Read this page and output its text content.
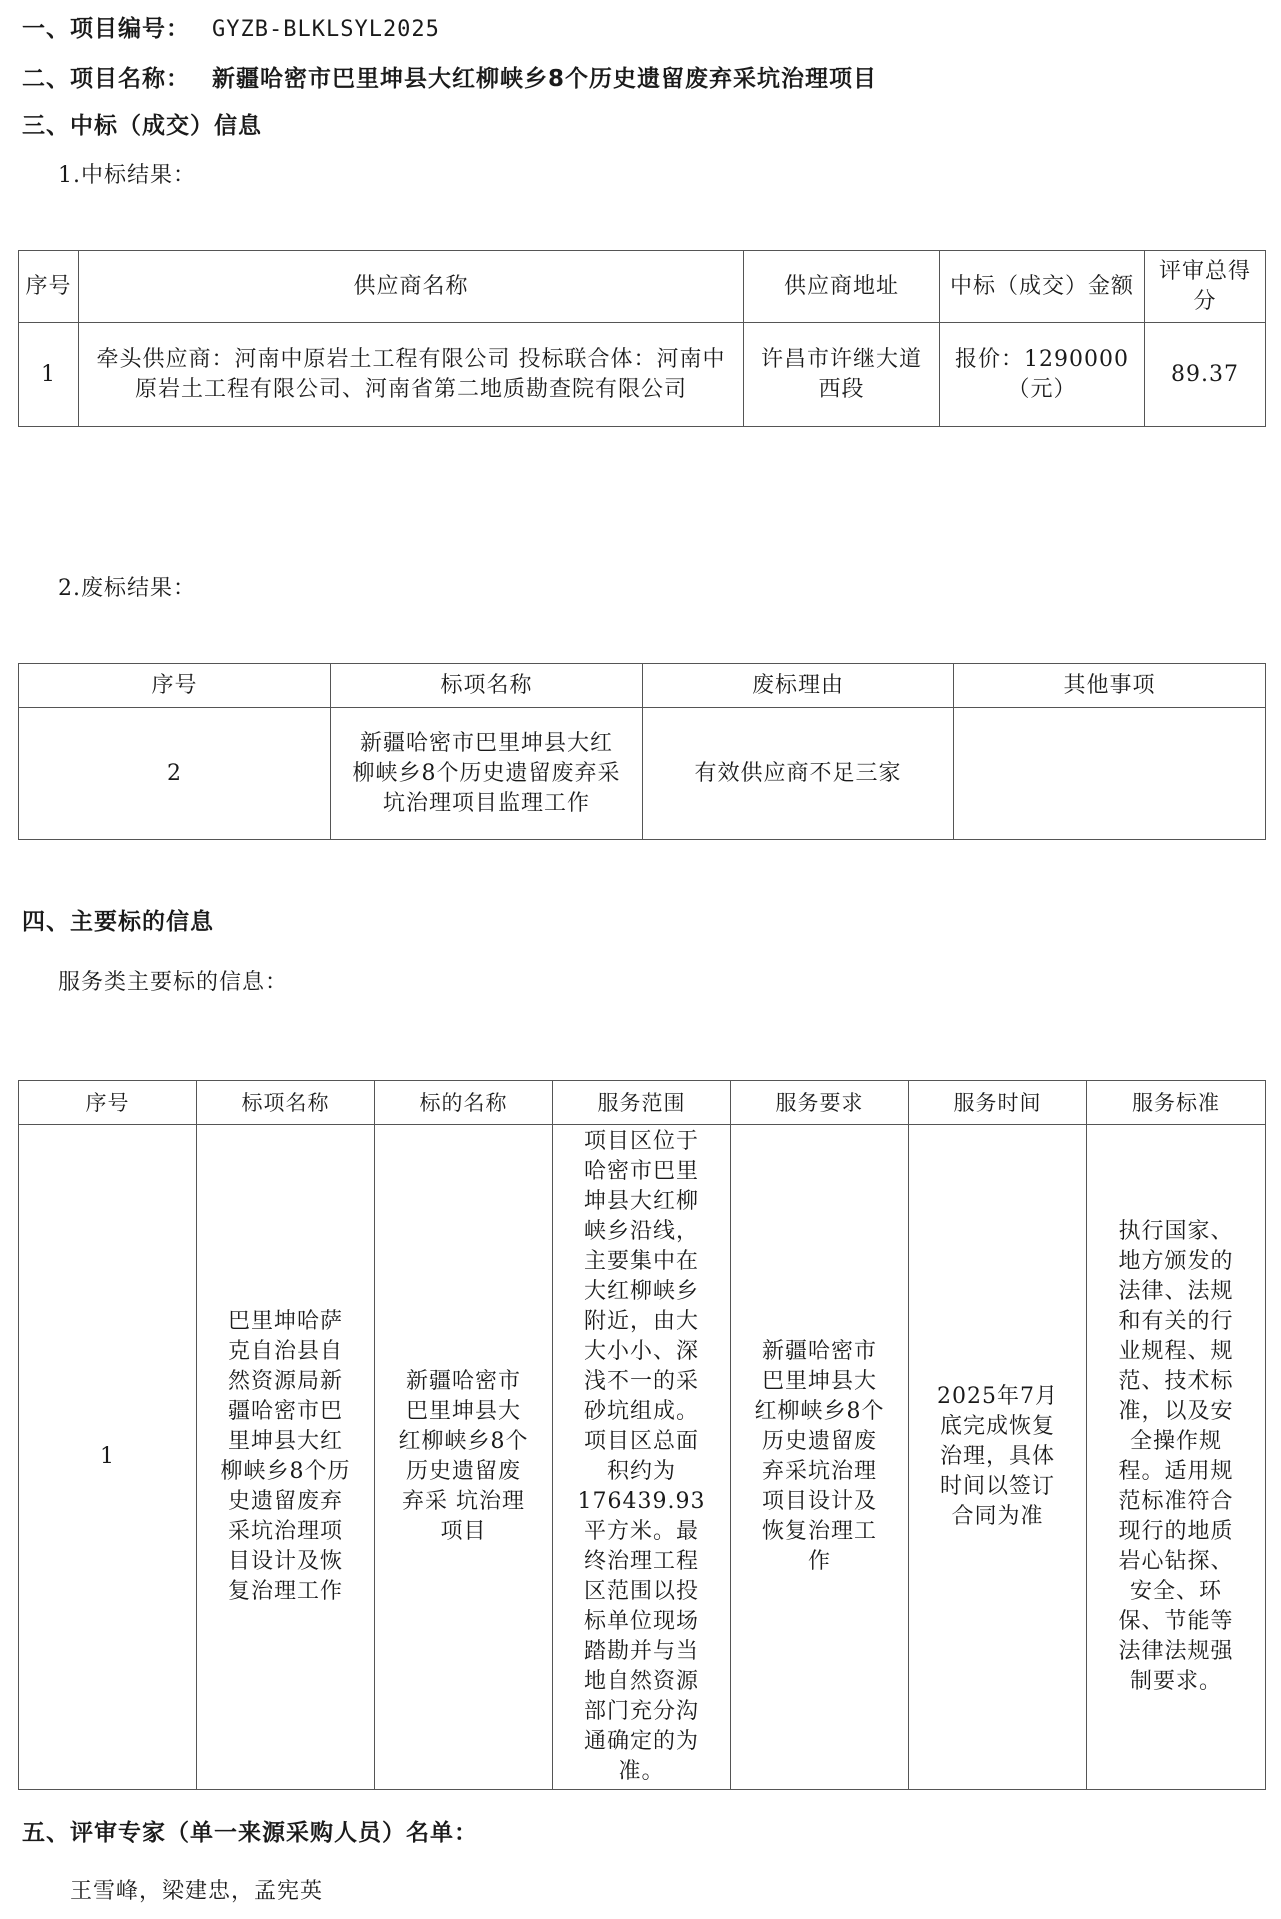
一、项目编号： GYZB-BLKLSYL2025
二、项目名称： 新疆哈密市巴里坤县大红柳峡乡8个历史遗留废弃采坑治理项目
三、中标（成交）信息
1.中标结果：
序号	供应商名称	供应商地址	中标（成交）金额	评审总得分
1	牵头供应商：河南中原岩土工程有限公司 投标联合体：河南中原岩土工程有限公司、河南省第二地质勘查院有限公司	许昌市许继大道西段	报价：1290000（元）	89.37
2.废标结果：
序号	标项名称	废标理由	其他事项
2	新疆哈密市巴里坤县大红柳峡乡8个历史遗留废弃采坑治理项目监理工作	有效供应商不足三家	
四、主要标的信息
服务类主要标的信息：
序号	标项名称	标的名称	服务范围	服务要求	服务时间	服务标准
1	巴里坤哈萨克自治县自然资源局新疆哈密市巴里坤县大红柳峡乡8个历史遗留废弃采坑治理项目设计及恢复治理工作	新疆哈密市巴里坤县大红柳峡乡8个历史遗留废弃采 坑治理项目	项目区位于哈密市巴里坤县大红柳峡乡沿线，主要集中在大红柳峡乡附近，由大大小小、深浅不一的采砂坑组成。项目区总面积约为176439.93平方米。最终治理工程区范围以投标单位现场踏勘并与当地自然资源部门充分沟通确定的为准。	新疆哈密市巴里坤县大红柳峡乡8个历史遗留废弃采坑治理项目设计及恢复治理工作	2025年7月底完成恢复治理，具体时间以签订合同为准	执行国家、地方颁发的法律、法规和有关的行业规程、规范、技术标准，以及安全操作规程。适用规范标准符合现行的地质岩心钻探、安全、环保、节能等法律法规强制要求。
五、评审专家（单一来源采购人员）名单：
王雪峰，梁建忠，孟宪英
